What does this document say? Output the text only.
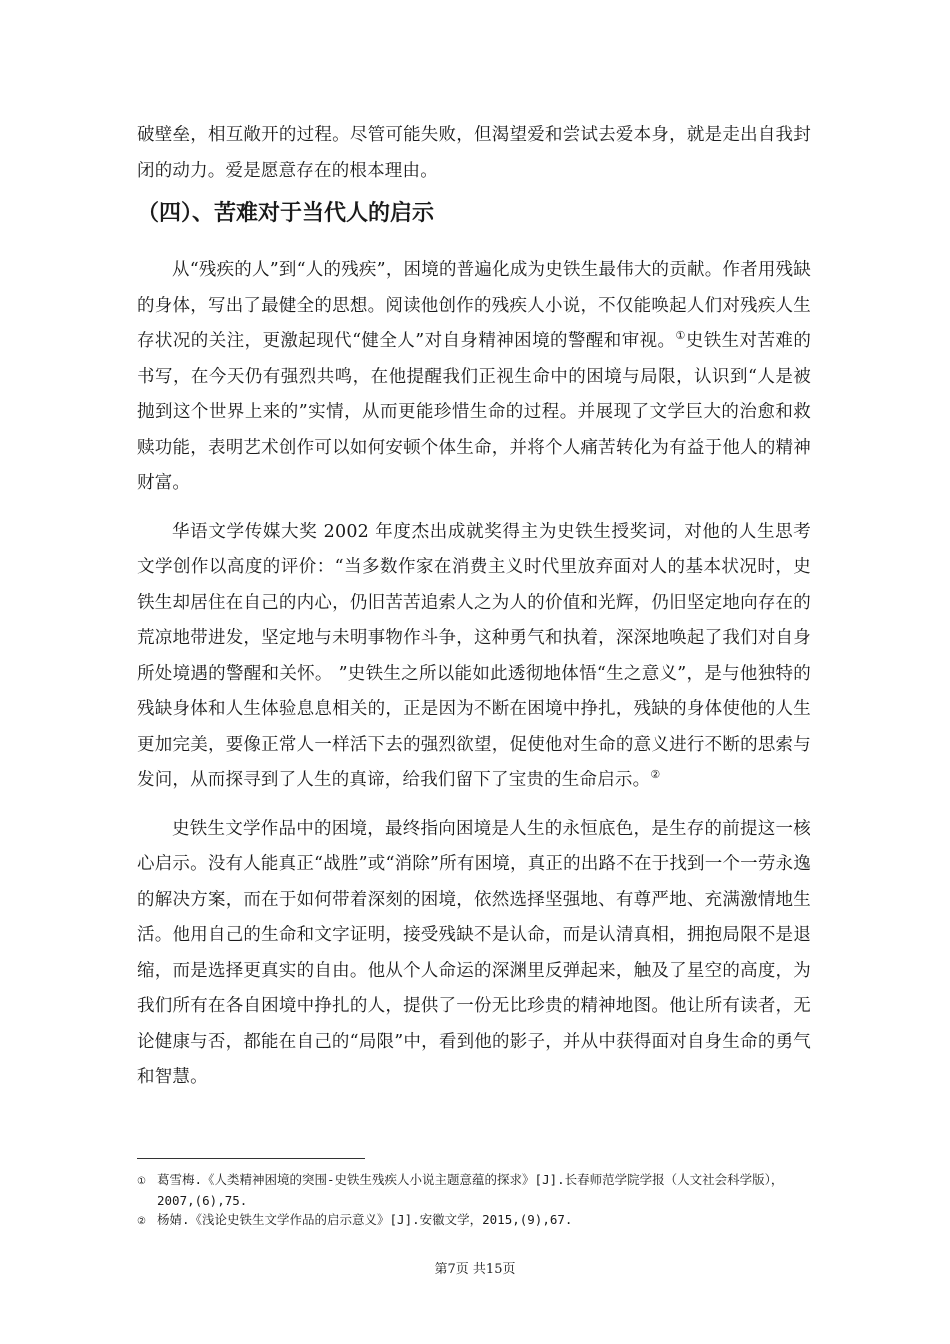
破壁垒，相互敞开的过程。尽管可能失败，但渴望爱和尝试去爱本身，就是走出自我封闭的动力。爱是愿意存在的根本理由。

（四）、苦难对于当代人的启示

从“残疾的人”到“人的残疾”，困境的普遍化成为史铁生最伟大的贡献。作者用残缺的身体，写出了最健全的思想。阅读他创作的残疾人小说，不仅能唤起人们对残疾人生存状况的关注，更激起现代“健全人”对自身精神困境的警醒和审视。①史铁生对苦难的书写，在今天仍有强烈共鸣，在他提醒我们正视生命中的困境与局限，认识到“人是被抛到这个世界上来的”实情，从而更能珍惜生命的过程。并展现了文学巨大的治愈和救赎功能，表明艺术创作可以如何安顿个体生命，并将个人痛苦转化为有益于他人的精神财富。

华语文学传媒大奖 2002 年度杰出成就奖得主为史铁生授奖词，对他的人生思考文学创作以高度的评价：“当多数作家在消费主义时代里放弃面对人的基本状况时，史铁生却居住在自己的内心，仍旧苦苦追索人之为人的价值和光辉，仍旧坚定地向存在的荒凉地带进发，坚定地与未明事物作斗争，这种勇气和执着，深深地唤起了我们对自身所处境遇的警醒和关怀。 ”史铁生之所以能如此透彻地体悟“生之意义”，是与他独特的残缺身体和人生体验息息相关的，正是因为不断在困境中挣扎，残缺的身体使他的人生更加完美，要像正常人一样活下去的强烈欲望，促使他对生命的意义进行不断的思索与发问，从而探寻到了人生的真谛，给我们留下了宝贵的生命启示。②

史铁生文学作品中的困境，最终指向困境是人生的永恒底色，是生存的前提这一核心启示。没有人能真正“战胜”或“消除”所有困境，真正的出路不在于找到一个一劳永逸的解决方案，而在于如何带着深刻的困境，依然选择坚强地、有尊严地、充满激情地生活。他用自己的生命和文字证明，接受残缺不是认命，而是认清真相，拥抱局限不是退缩，而是选择更真实的自由。他从个人命运的深渊里反弹起来，触及了星空的高度，为我们所有在各自困境中挣扎的人，提供了一份无比珍贵的精神地图。他让所有读者，无论健康与否，都能在自己的“局限”中，看到他的影子，并从中获得面对自身生命的勇气和智慧。

① 葛雪梅.《人类精神困境的突围-史铁生残疾人小说主题意蕴的探求》[J].长春师范学院学报（人文社会科学版），2007,(6),75.

② 杨婧.《浅论史铁生文学作品的启示意义》[J].安徽文学，2015,(9),67.

第7页 共15页
